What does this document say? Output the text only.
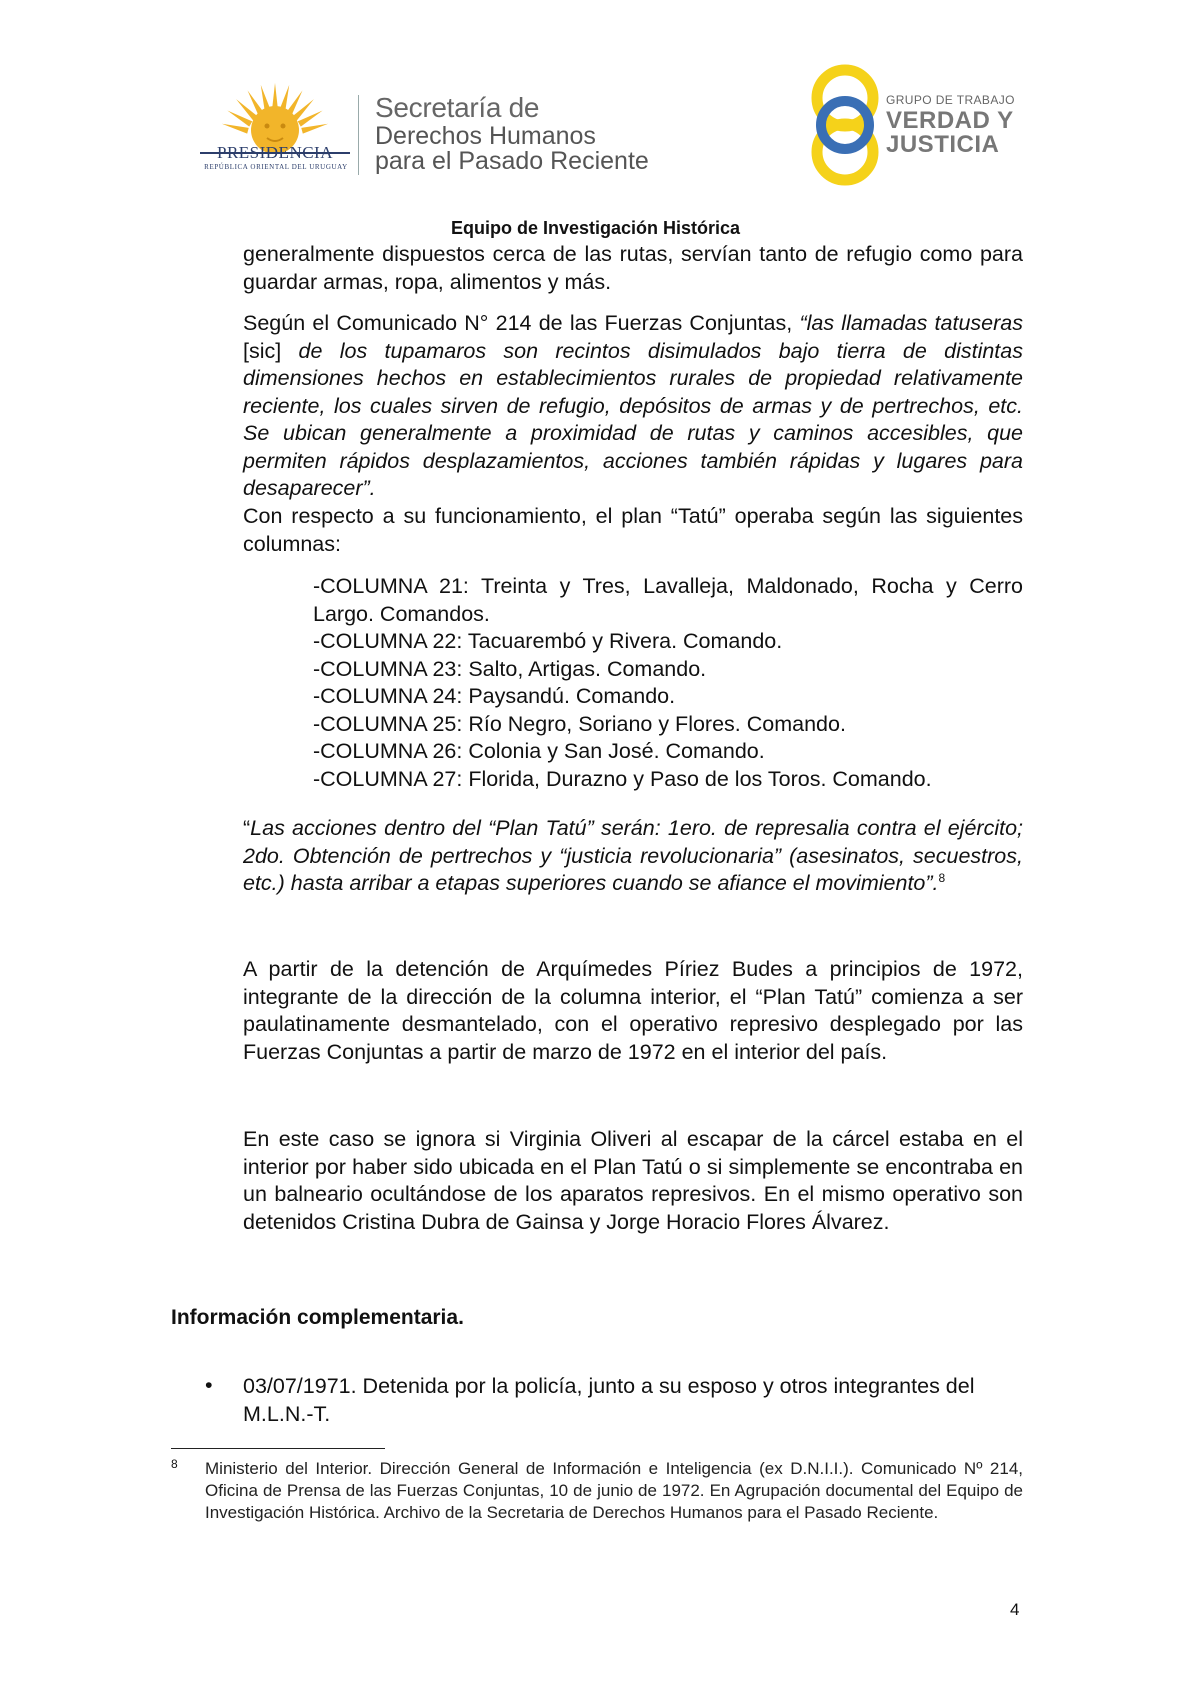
PRESIDENCIA
REPÚBLICA ORIENTAL DEL URUGUAY
Secretaría de
Derechos Humanos
para el Pasado Reciente
GRUPO DE TRABAJO
VERDAD Y
JUSTICIA
Equipo de Investigación Histórica

generalmente dispuestos cerca de las rutas, servían tanto de refugio como para guardar armas, ropa, alimentos y más.

Según el Comunicado N° 214 de las Fuerzas Conjuntas, “las llamadas tatuseras [sic] de los tupamaros son recintos disimulados bajo tierra de distintas dimensiones hechos en establecimientos rurales de propiedad relativamente reciente, los cuales sirven de refugio, depósitos de armas y de pertrechos, etc. Se ubican generalmente a proximidad de rutas y caminos accesibles, que permiten rápidos desplazamientos, acciones también rápidas y lugares para desaparecer”.

Con respecto a su funcionamiento, el plan “Tatú” operaba según las siguientes columnas:

-COLUMNA 21: Treinta y Tres, Lavalleja, Maldonado, Rocha y Cerro Largo. Comandos.
-COLUMNA 22: Tacuarembó y Rivera. Comando.
-COLUMNA 23: Salto, Artigas. Comando.
-COLUMNA 24: Paysandú. Comando.
-COLUMNA 25: Río Negro, Soriano y Flores. Comando.
-COLUMNA 26: Colonia y San José. Comando.
-COLUMNA 27: Florida, Durazno y Paso de los Toros. Comando.

“Las acciones dentro del “Plan Tatú” serán: 1ero. de represalia contra el ejército; 2do. Obtención de pertrechos y “justicia revolucionaria” (asesinatos, secuestros, etc.) hasta arribar a etapas superiores cuando se afiance el movimiento”.$^8$

A partir de la detención de Arquímedes Píriez Budes a principios de 1972, integrante de la dirección de la columna interior, el “Plan Tatú” comienza a ser paulatinamente desmantelado, con el operativo represivo desplegado por las Fuerzas Conjuntas a partir de marzo de 1972 en el interior del país.

En este caso se ignora si Virginia Oliveri al escapar de la cárcel estaba en el interior por haber sido ubicada en el Plan Tatú o si simplemente se encontraba en un balneario ocultándose de los aparatos represivos. En el mismo operativo son detenidos Cristina Dubra de Gainsa y Jorge Horacio Flores Álvarez.

Información complementaria.
• 03/07/1971. Detenida por la policía, junto a su esposo y otros integrantes del M.L.N.-T.
8 Ministerio del Interior. Dirección General de Información e Inteligencia (ex D.N.I.I.). Comunicado Nº 214, Oficina de Prensa de las Fuerzas Conjuntas, 10 de junio de 1972. En Agrupación documental del Equipo de Investigación Histórica. Archivo de la Secretaria de Derechos Humanos para el Pasado Reciente.
4
